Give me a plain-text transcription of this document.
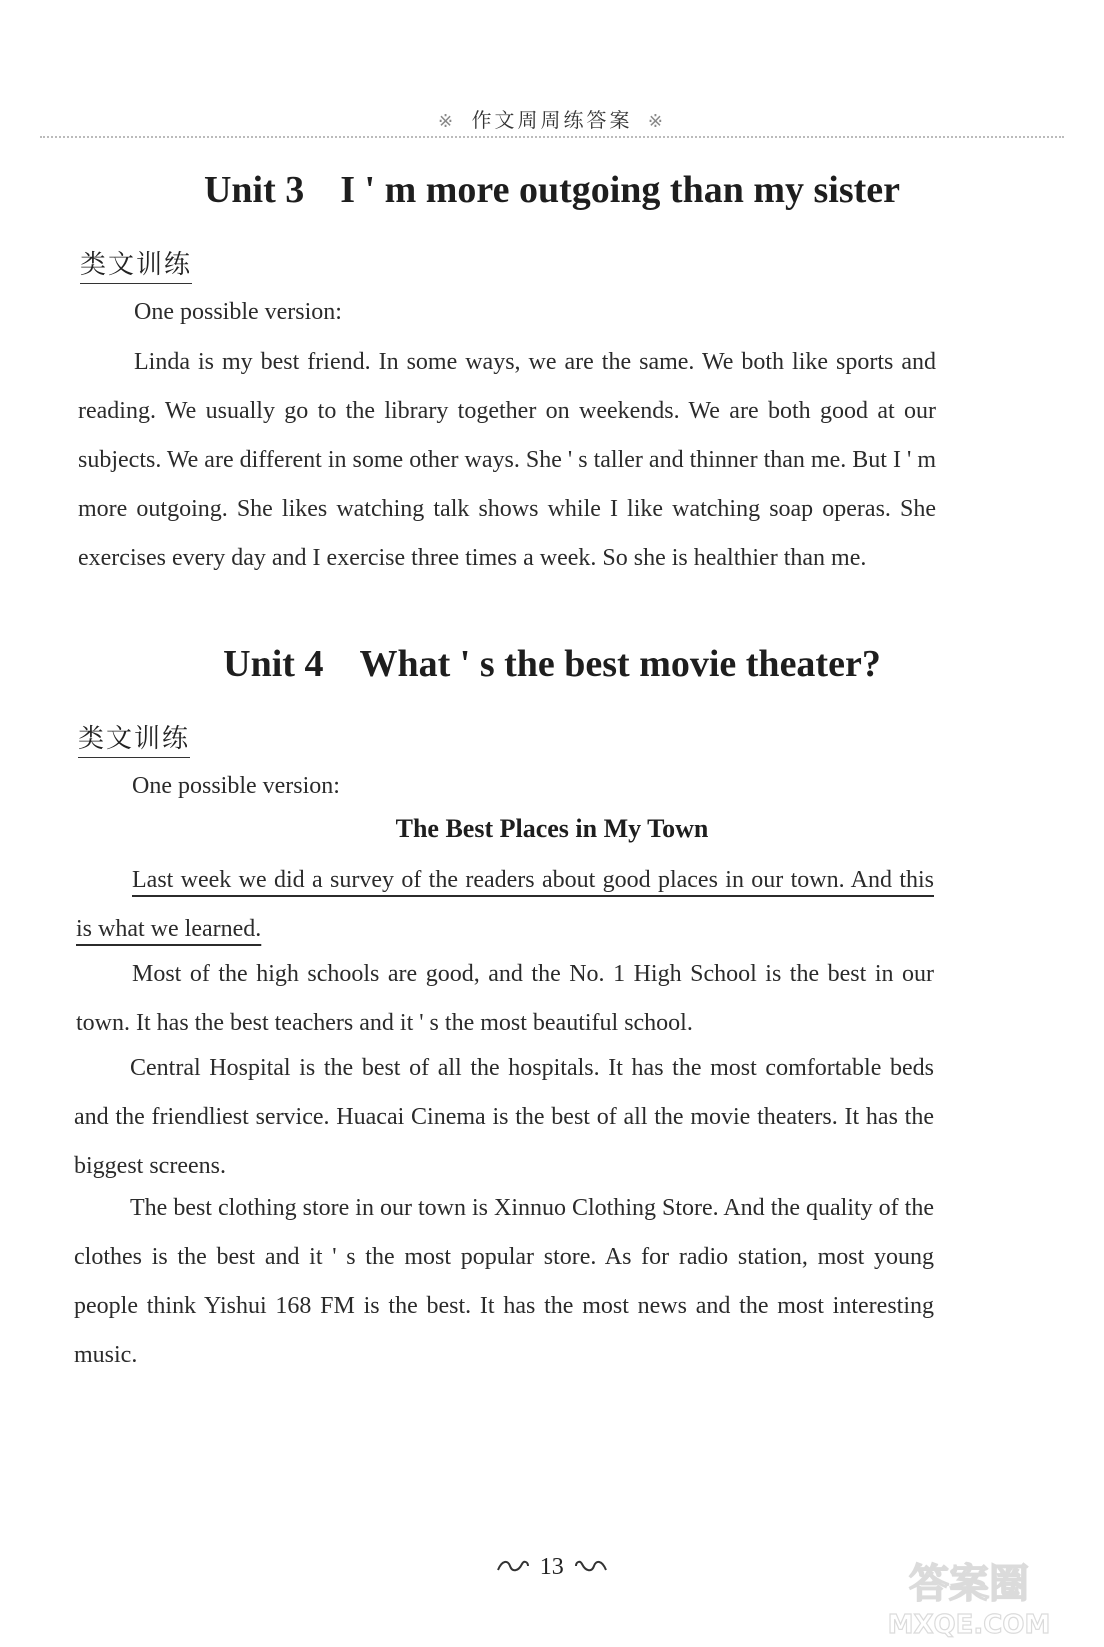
※ 作文周周练答案 ※
Unit 3 I ' m more outgoing than my sister
类文训练

One possible version:

Linda is my best friend. In some ways, we are the same. We both like sports and reading. We usually go to the library together on weekends. We are both good at our subjects. We are different in some other ways. She ' s taller and thinner than me. But I ' m more outgoing. She likes watching talk shows while I like watching soap operas. She exercises every day and I exercise three times a week. So she is healthier than me.

Unit 4 What ' s the best movie theater?
类文训练

One possible version:

The Best Places in My Town

Last week we did a survey of the readers about good places in our town. And this is what we learned.

Most of the high schools are good, and the No. 1 High School is the best in our town. It has the best teachers and it ' s the most beautiful school.

Central Hospital is the best of all the hospitals. It has the most comfortable beds and the friendliest service. Huacai Cinema is the best of all the movie theaters. It has the biggest screens.

The best clothing store in our town is Xinnuo Clothing Store. And the quality of the clothes is the best and it ' s the most popular store. As for radio station, most young people think Yishui 168 FM is the best. It has the most news and the most interesting music.

13	答案圈
MXQE.COM
